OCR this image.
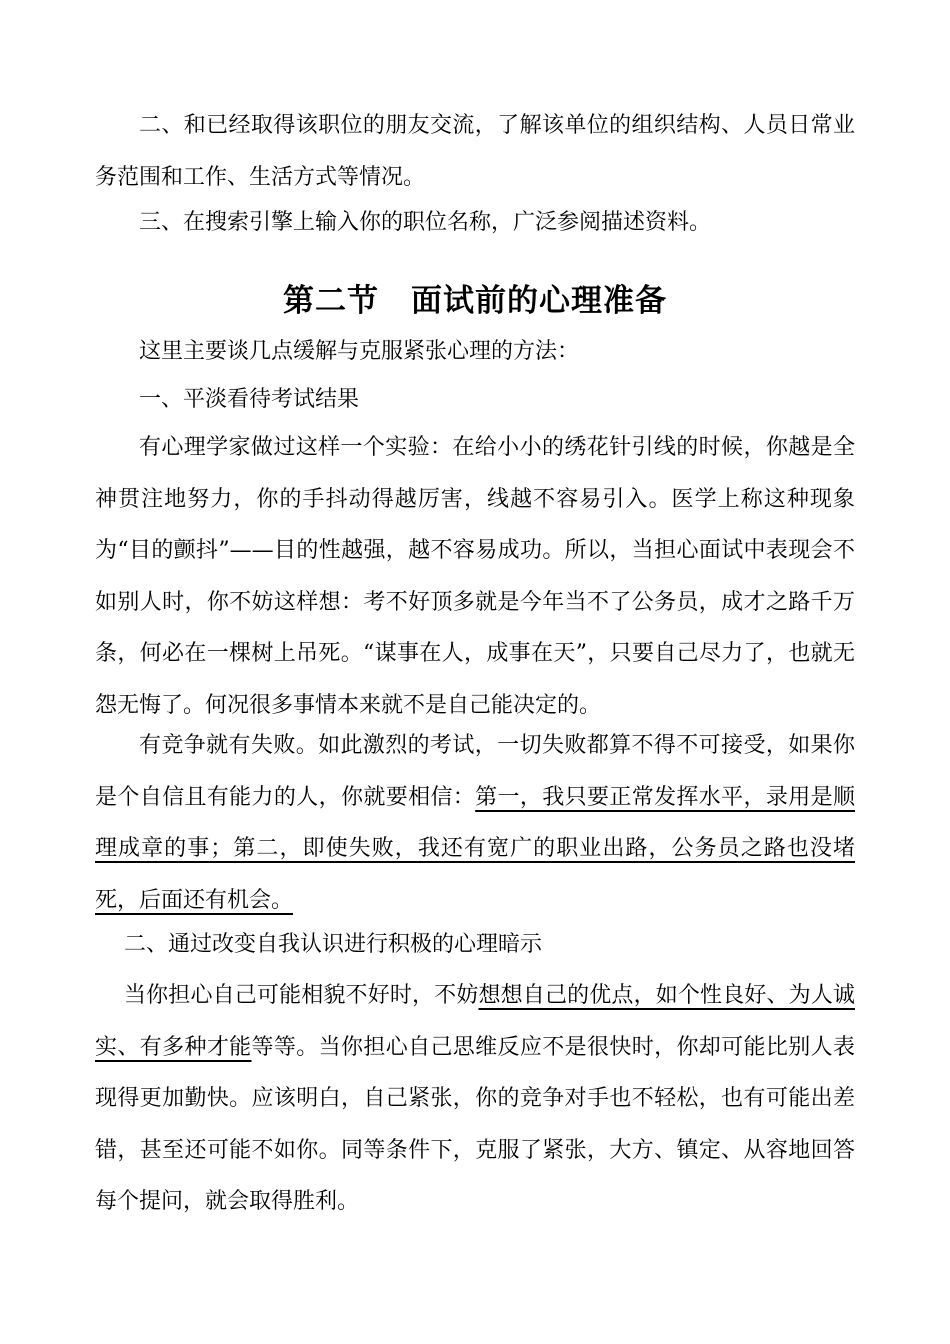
二、和已经取得该职位的朋友交流，了解该单位的组织结构、人员日常业务范围和工作、生活方式等情况。

三、在搜索引擎上输入你的职位名称，广泛参阅描述资料。

第二节　面试前的心理准备

这里主要谈几点缓解与克服紧张心理的方法：

一、平淡看待考试结果

有心理学家做过这样一个实验：在给小小的绣花针引线的时候，你越是全神贯注地努力，你的手抖动得越厉害，线越不容易引入。医学上称这种现象为“目的颤抖”——目的性越强，越不容易成功。所以，当担心面试中表现会不如别人时，你不妨这样想：考不好顶多就是今年当不了公务员，成才之路千万条，何必在一棵树上吊死。“谋事在人，成事在天”，只要自己尽力了，也就无怨无悔了。何况很多事情本来就不是自己能决定的。

有竞争就有失败。如此激烈的考试，一切失败都算不得不可接受，如果你是个自信且有能力的人，你就要相信：第一，我只要正常发挥水平，录用是顺理成章的事；第二，即使失败，我还有宽广的职业出路，公务员之路也没堵死，后面还有机会。

二、通过改变自我认识进行积极的心理暗示

当你担心自己可能相貌不好时，不妨想想自己的优点，如个性良好、为人诚实、有多种才能等等。当你担心自己思维反应不是很快时，你却可能比别人表现得更加勤快。应该明白，自己紧张，你的竞争对手也不轻松，也有可能出差错，甚至还可能不如你。同等条件下，克服了紧张，大方、镇定、从容地回答每个提问，就会取得胜利。
